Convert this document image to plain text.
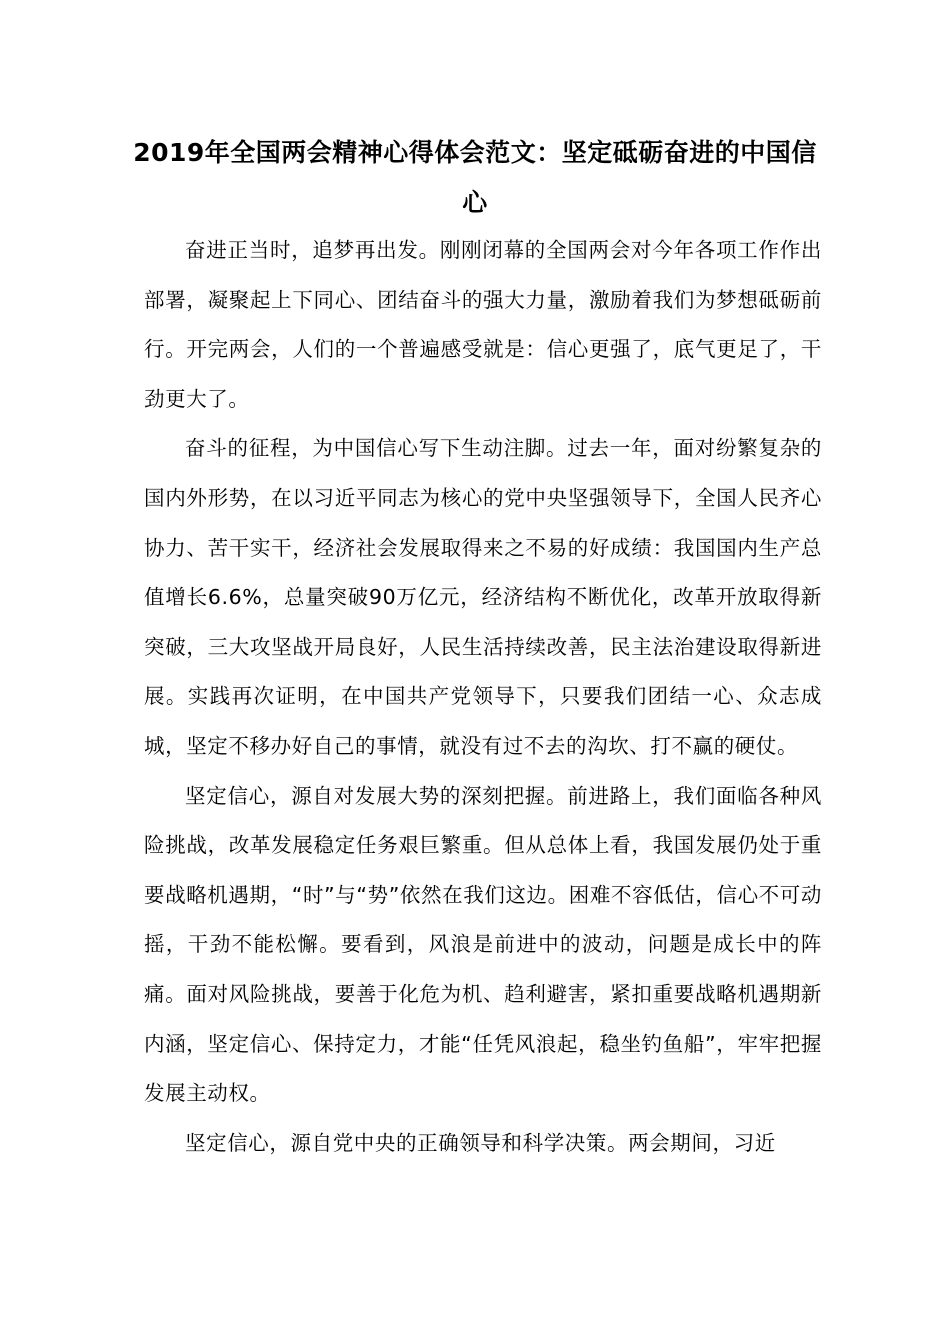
2019年全国两会精神心得体会范文：坚定砥砺奋进的中国信心

奋进正当时，追梦再出发。刚刚闭幕的全国两会对今年各项工作作出部署，凝聚起上下同心、团结奋斗的强大力量，激励着我们为梦想砥砺前行。开完两会，人们的一个普遍感受就是：信心更强了，底气更足了，干劲更大了。

奋斗的征程，为中国信心写下生动注脚。过去一年，面对纷繁复杂的国内外形势，在以习近平同志为核心的党中央坚强领导下，全国人民齐心协力、苦干实干，经济社会发展取得来之不易的好成绩：我国国内生产总值增长6.6%，总量突破90万亿元，经济结构不断优化，改革开放取得新突破，三大攻坚战开局良好，人民生活持续改善，民主法治建设取得新进展。实践再次证明，在中国共产党领导下，只要我们团结一心、众志成城，坚定不移办好自己的事情，就没有过不去的沟坎、打不赢的硬仗。

坚定信心，源自对发展大势的深刻把握。前进路上，我们面临各种风险挑战，改革发展稳定任务艰巨繁重。但从总体上看，我国发展仍处于重要战略机遇期，“时”与“势”依然在我们这边。困难不容低估，信心不可动摇，干劲不能松懈。要看到，风浪是前进中的波动，问题是成长中的阵痛。面对风险挑战，要善于化危为机、趋利避害，紧扣重要战略机遇期新内涵，坚定信心、保持定力，才能“任凭风浪起，稳坐钓鱼船”，牢牢把握发展主动权。

坚定信心，源自党中央的正确领导和科学决策。两会期间，习近
